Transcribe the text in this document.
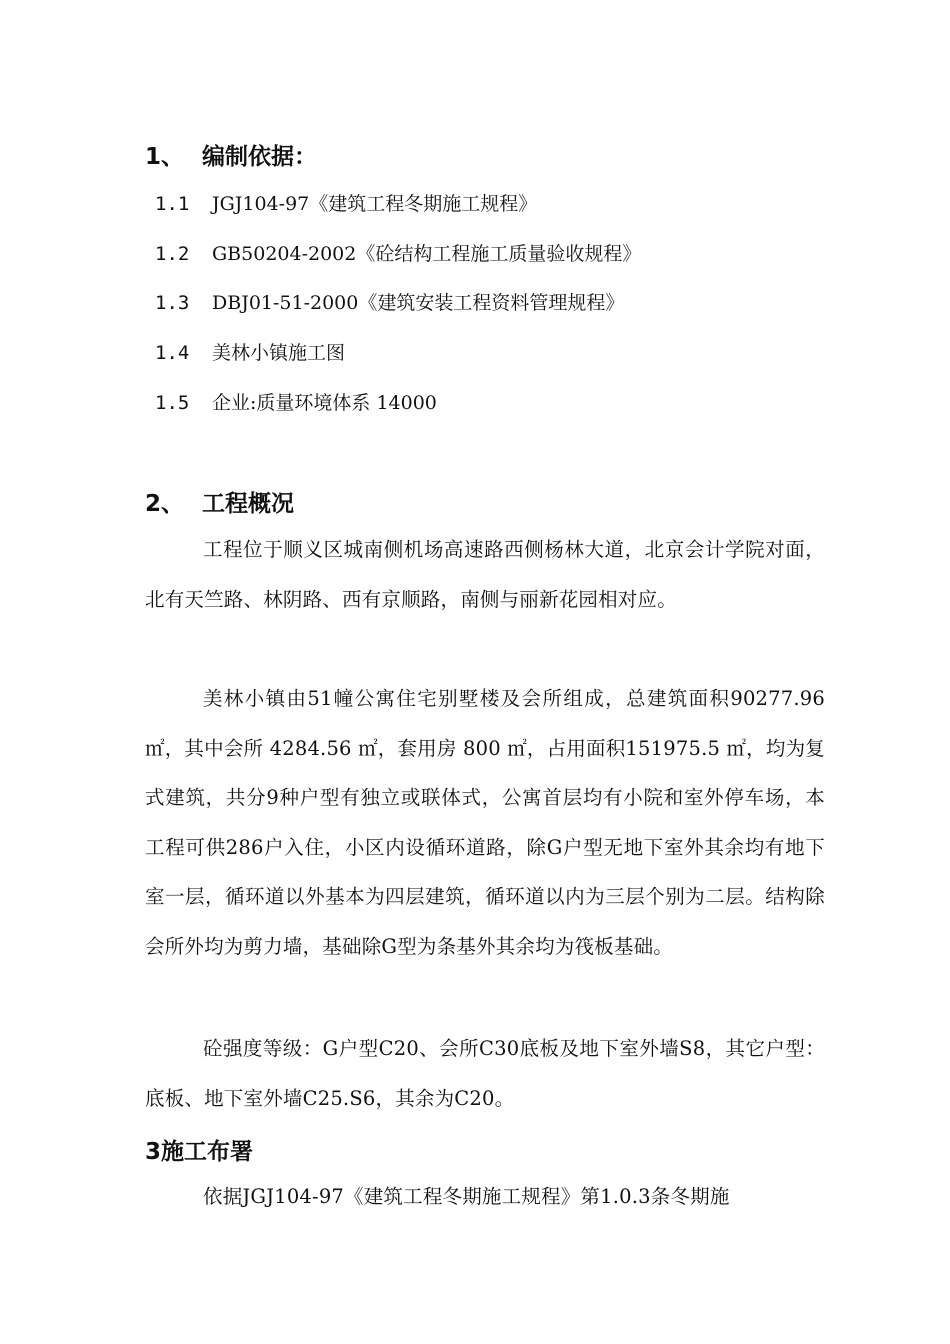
1、 编制依据：
1.1 JGJ104-97《建筑工程冬期施工规程》
1.2 GB50204-2002《砼结构工程施工质量验收规程》
1.3 DBJ01-51-2000《建筑安装工程资料管理规程》
1.4 美林小镇施工图
1.5 企业:质量环境体系 14000
2、 工程概况
工程位于顺义区城南侧机场高速路西侧杨林大道，北京会计学院对面，北有天竺路、林阴路、西有京顺路，南侧与丽新花园相对应。
美林小镇由51幢公寓住宅别墅楼及会所组成，总建筑面积90277.96㎡，其中会所 4284.56 ㎡，套用房 800 ㎡，占用面积151975.5 ㎡，均为复式建筑，共分9种户型有独立或联体式，公寓首层均有小院和室外停车场，本工程可供286户入住，小区内设循环道路，除G户型无地下室外其余均有地下室一层，循环道以外基本为四层建筑，循环道以内为三层个别为二层。结构除会所外均为剪力墙，基础除G型为条基外其余均为筏板基础。
砼强度等级：G户型C20、会所C30底板及地下室外墙S8，其它户型：底板、地下室外墙C25.S6，其余为C20。
3施工布署
依据JGJ104-97《建筑工程冬期施工规程》第1.0.3条冬期施
